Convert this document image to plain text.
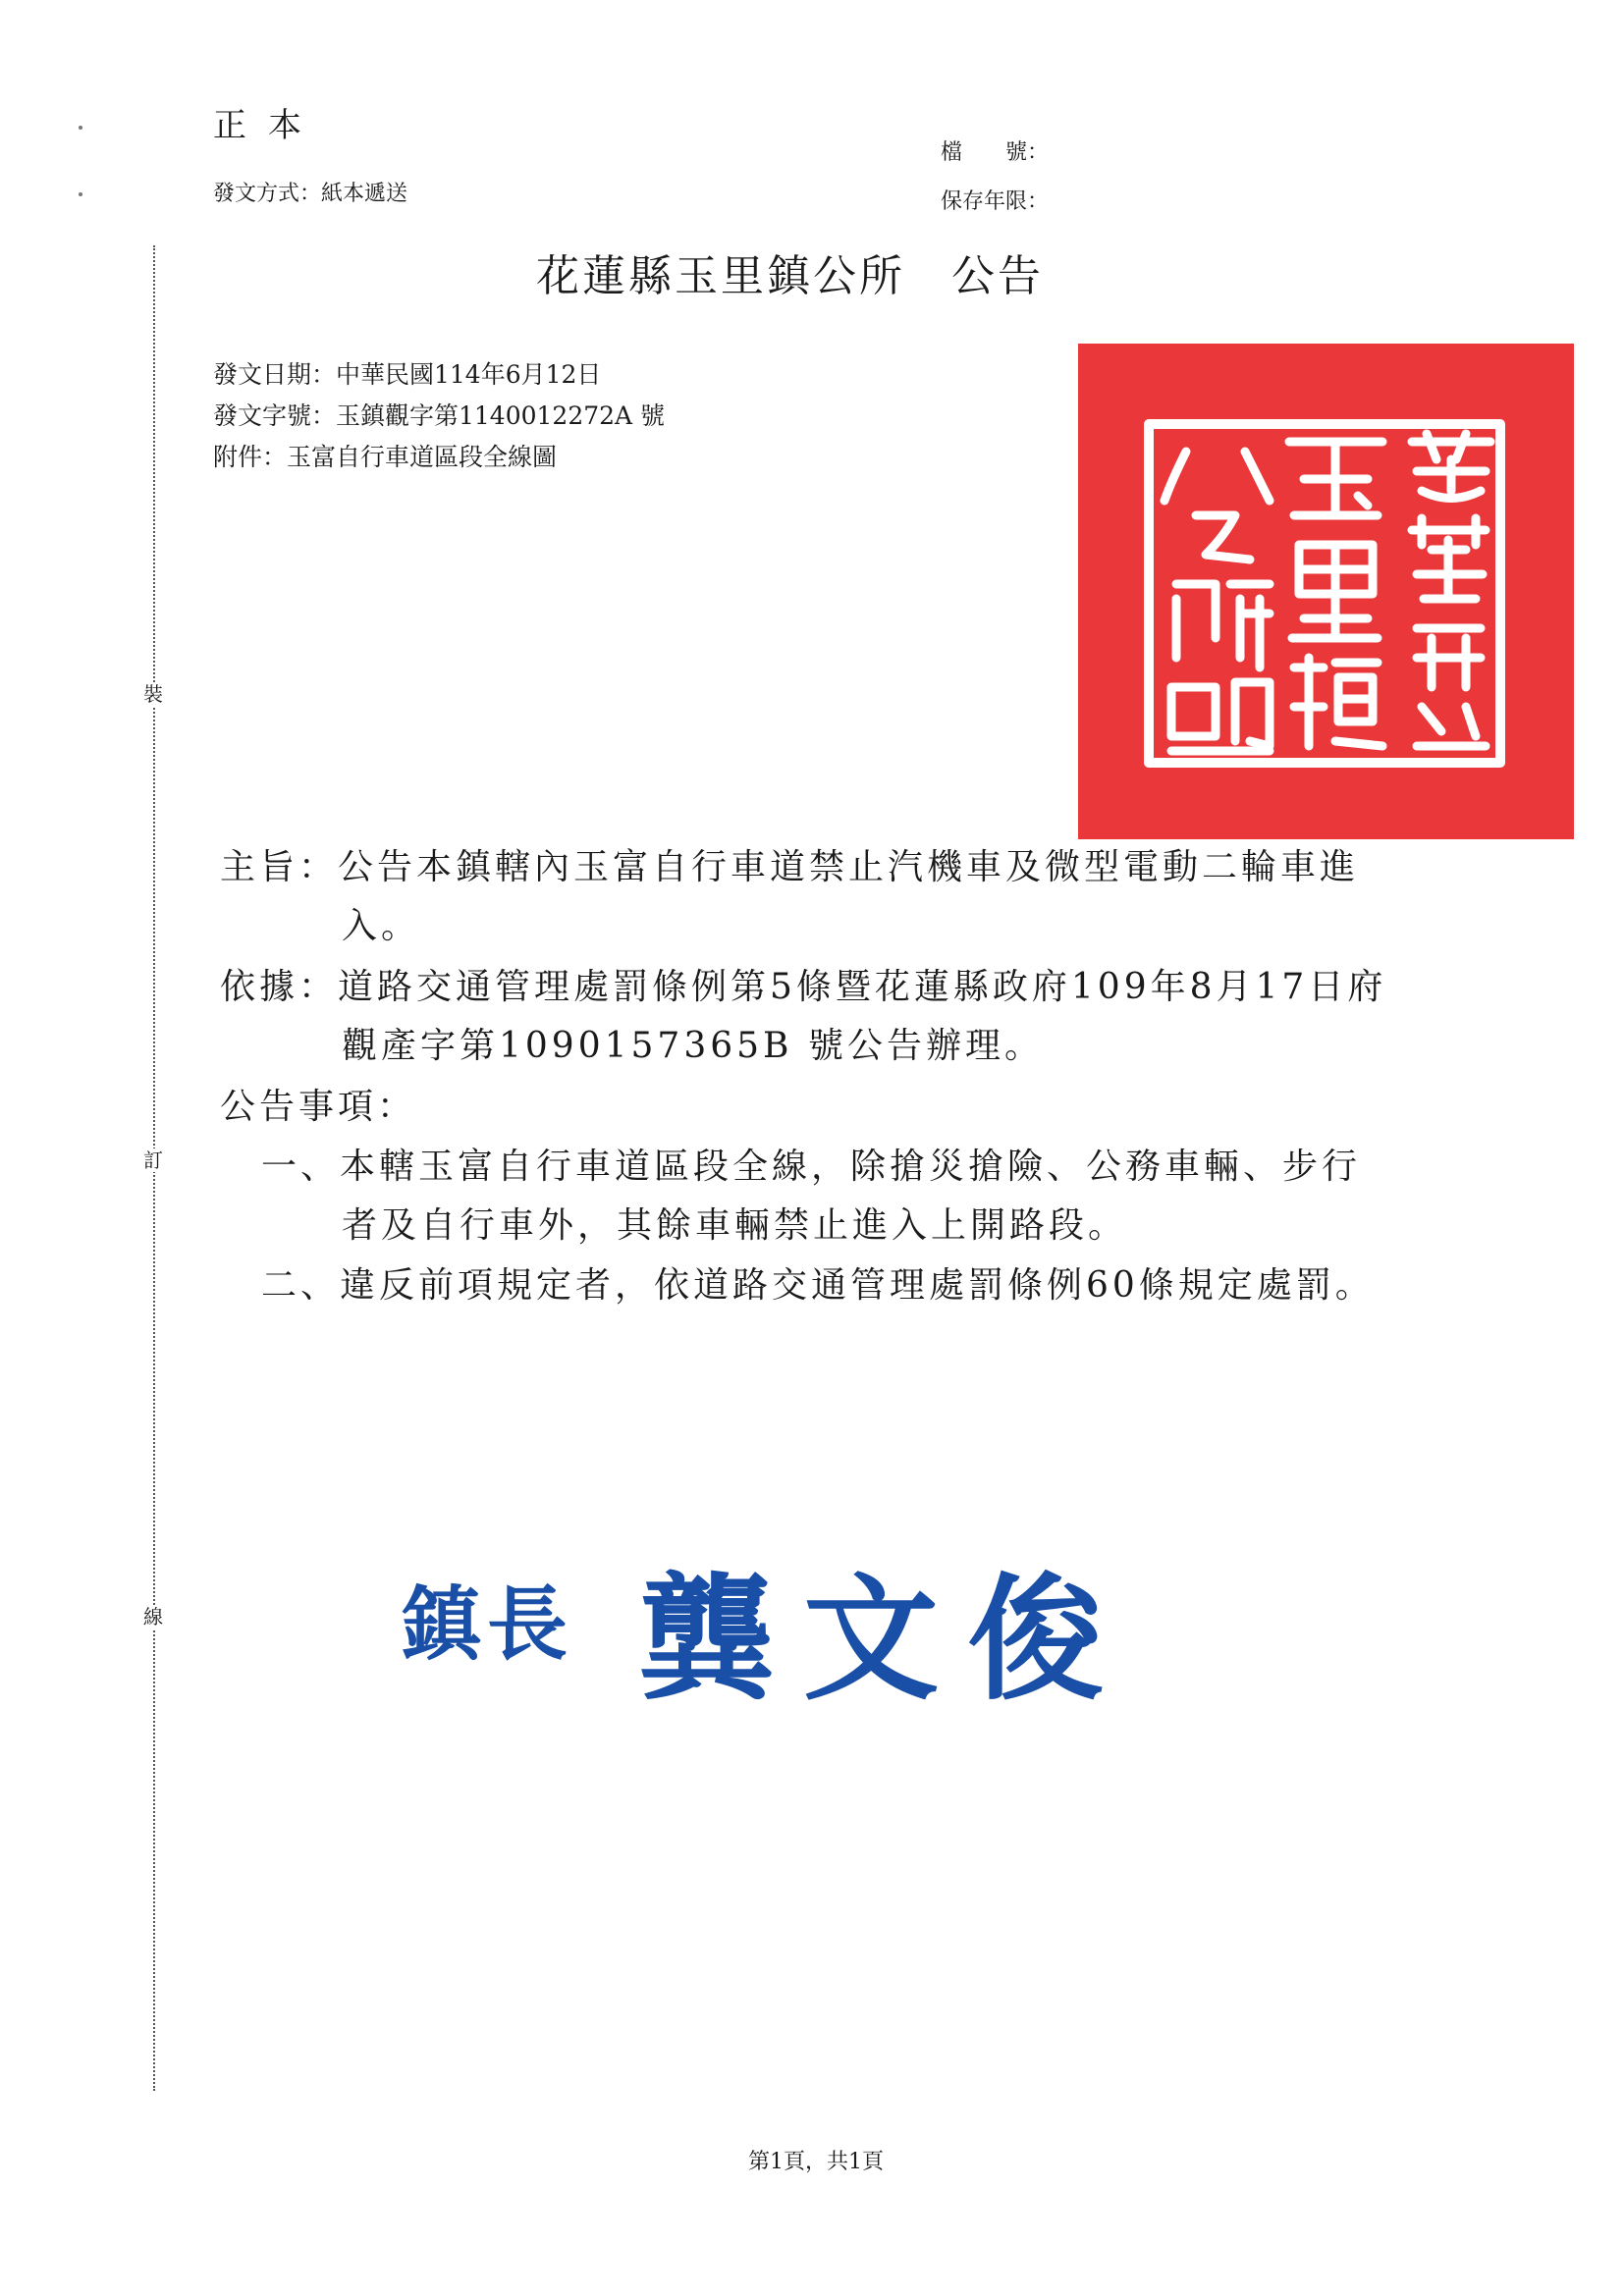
裝
訂
線
正本
發文方式：紙本遞送
檔　　號：
保存年限：
花蓮縣玉里鎮公所　公告
發文日期：中華民國114年6月12日
發文字號：玉鎮觀字第1140012272A 號
附件：玉富自行車道區段全線圖
主旨：公告本鎮轄內玉富自行車道禁止汽機車及微型電動二輪車進
入。
依據：道路交通管理處罰條例第5條暨花蓮縣政府109年8月17日府
觀產字第1090157365B 號公告辦理。
公告事項：
一、本轄玉富自行車道區段全線，除搶災搶險、公務車輛、步行
者及自行車外，其餘車輛禁止進入上開路段。
二、違反前項規定者，依道路交通管理處罰條例60條規定處罰。
鎮長 龔文俊
第1頁，共1頁
